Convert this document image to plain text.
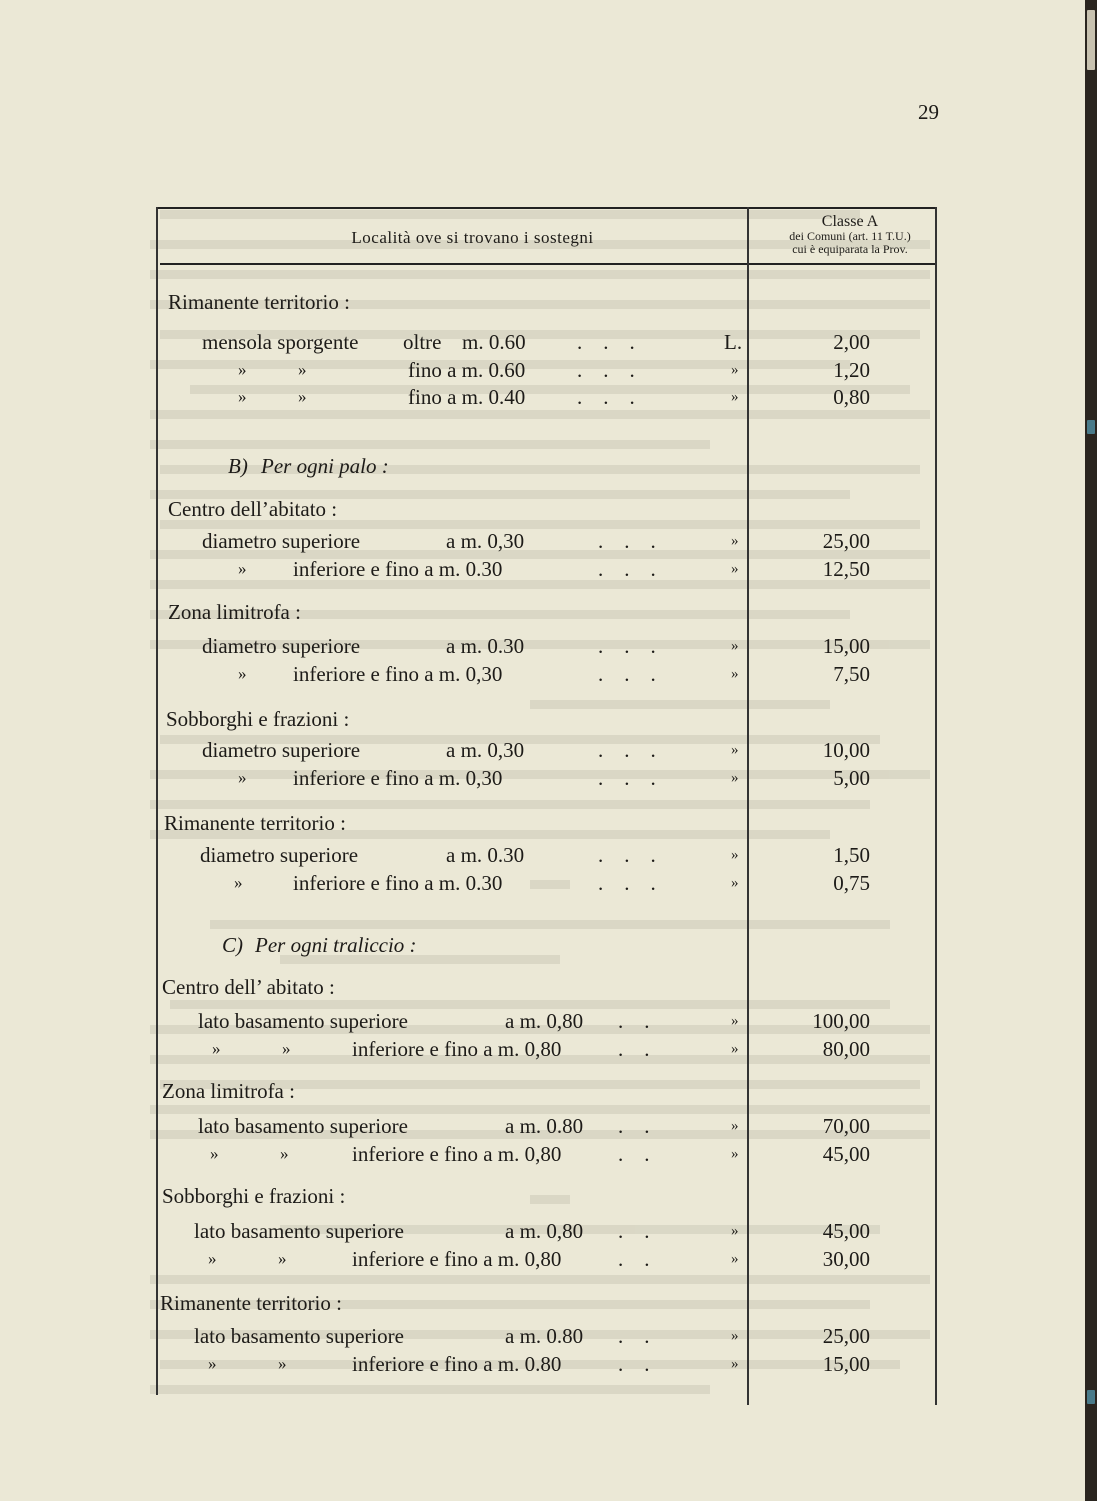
29
Località ove si trovano i sostegni
Classe A
dei Comuni (art. 11 T.U.)
cui è equiparata la Prov.
Rimanente territorio :
mensola sporgente oltre m. 0.60 .    .    .	L.	2,00
»	»	fino a m. 0.60 .    .    .	»	1,20
»	»	fino a m. 0.40 .    .    .	»	0,80
B) Per ogni palo :
Centro dell’abitato :
diametro superiore	a m. 0,30	.    .    .	»	25,00
» inferiore e fino a m. 0.30	.    .    .	»	12,50
Zona limitrofa :
diametro superiore	a m. 0.30	.    .    .	»	15,00
» inferiore e fino a m. 0,30	.    .    .	»	7,50
Sobborghi e frazioni :
diametro superiore	a m. 0,30	.    .    .	»	10,00
» inferiore e fino a m. 0,30	.    .    .	»	5,00
Rimanente territorio :
diametro superiore	a m. 0.30	.    .    .	»	1,50
» inferiore e fino a m. 0.30	.    .    .	»	0,75
C) Per ogni traliccio :
Centro dell’ abitato :
lato basamento superiore	a m. 0,80 .    .	»	100,00
»	»	inferiore e fino a m. 0,80	.    .	»	80,00
Zona limitrofa :
lato basamento superiore	a m. 0.80 .    .	»	70,00
»	»	inferiore e fino a m. 0,80	.    .	»	45,00
Sobborghi e frazioni :
lato basamento superiore	a m. 0,80 .    .	»	45,00
»	»	inferiore e fino a m. 0,80	.    .	»	30,00
Rimanente territorio :
lato basamento superiore	a m. 0.80 .    .	»	25,00
»	»	inferiore e fino a m. 0.80	.    .	»	15,00
